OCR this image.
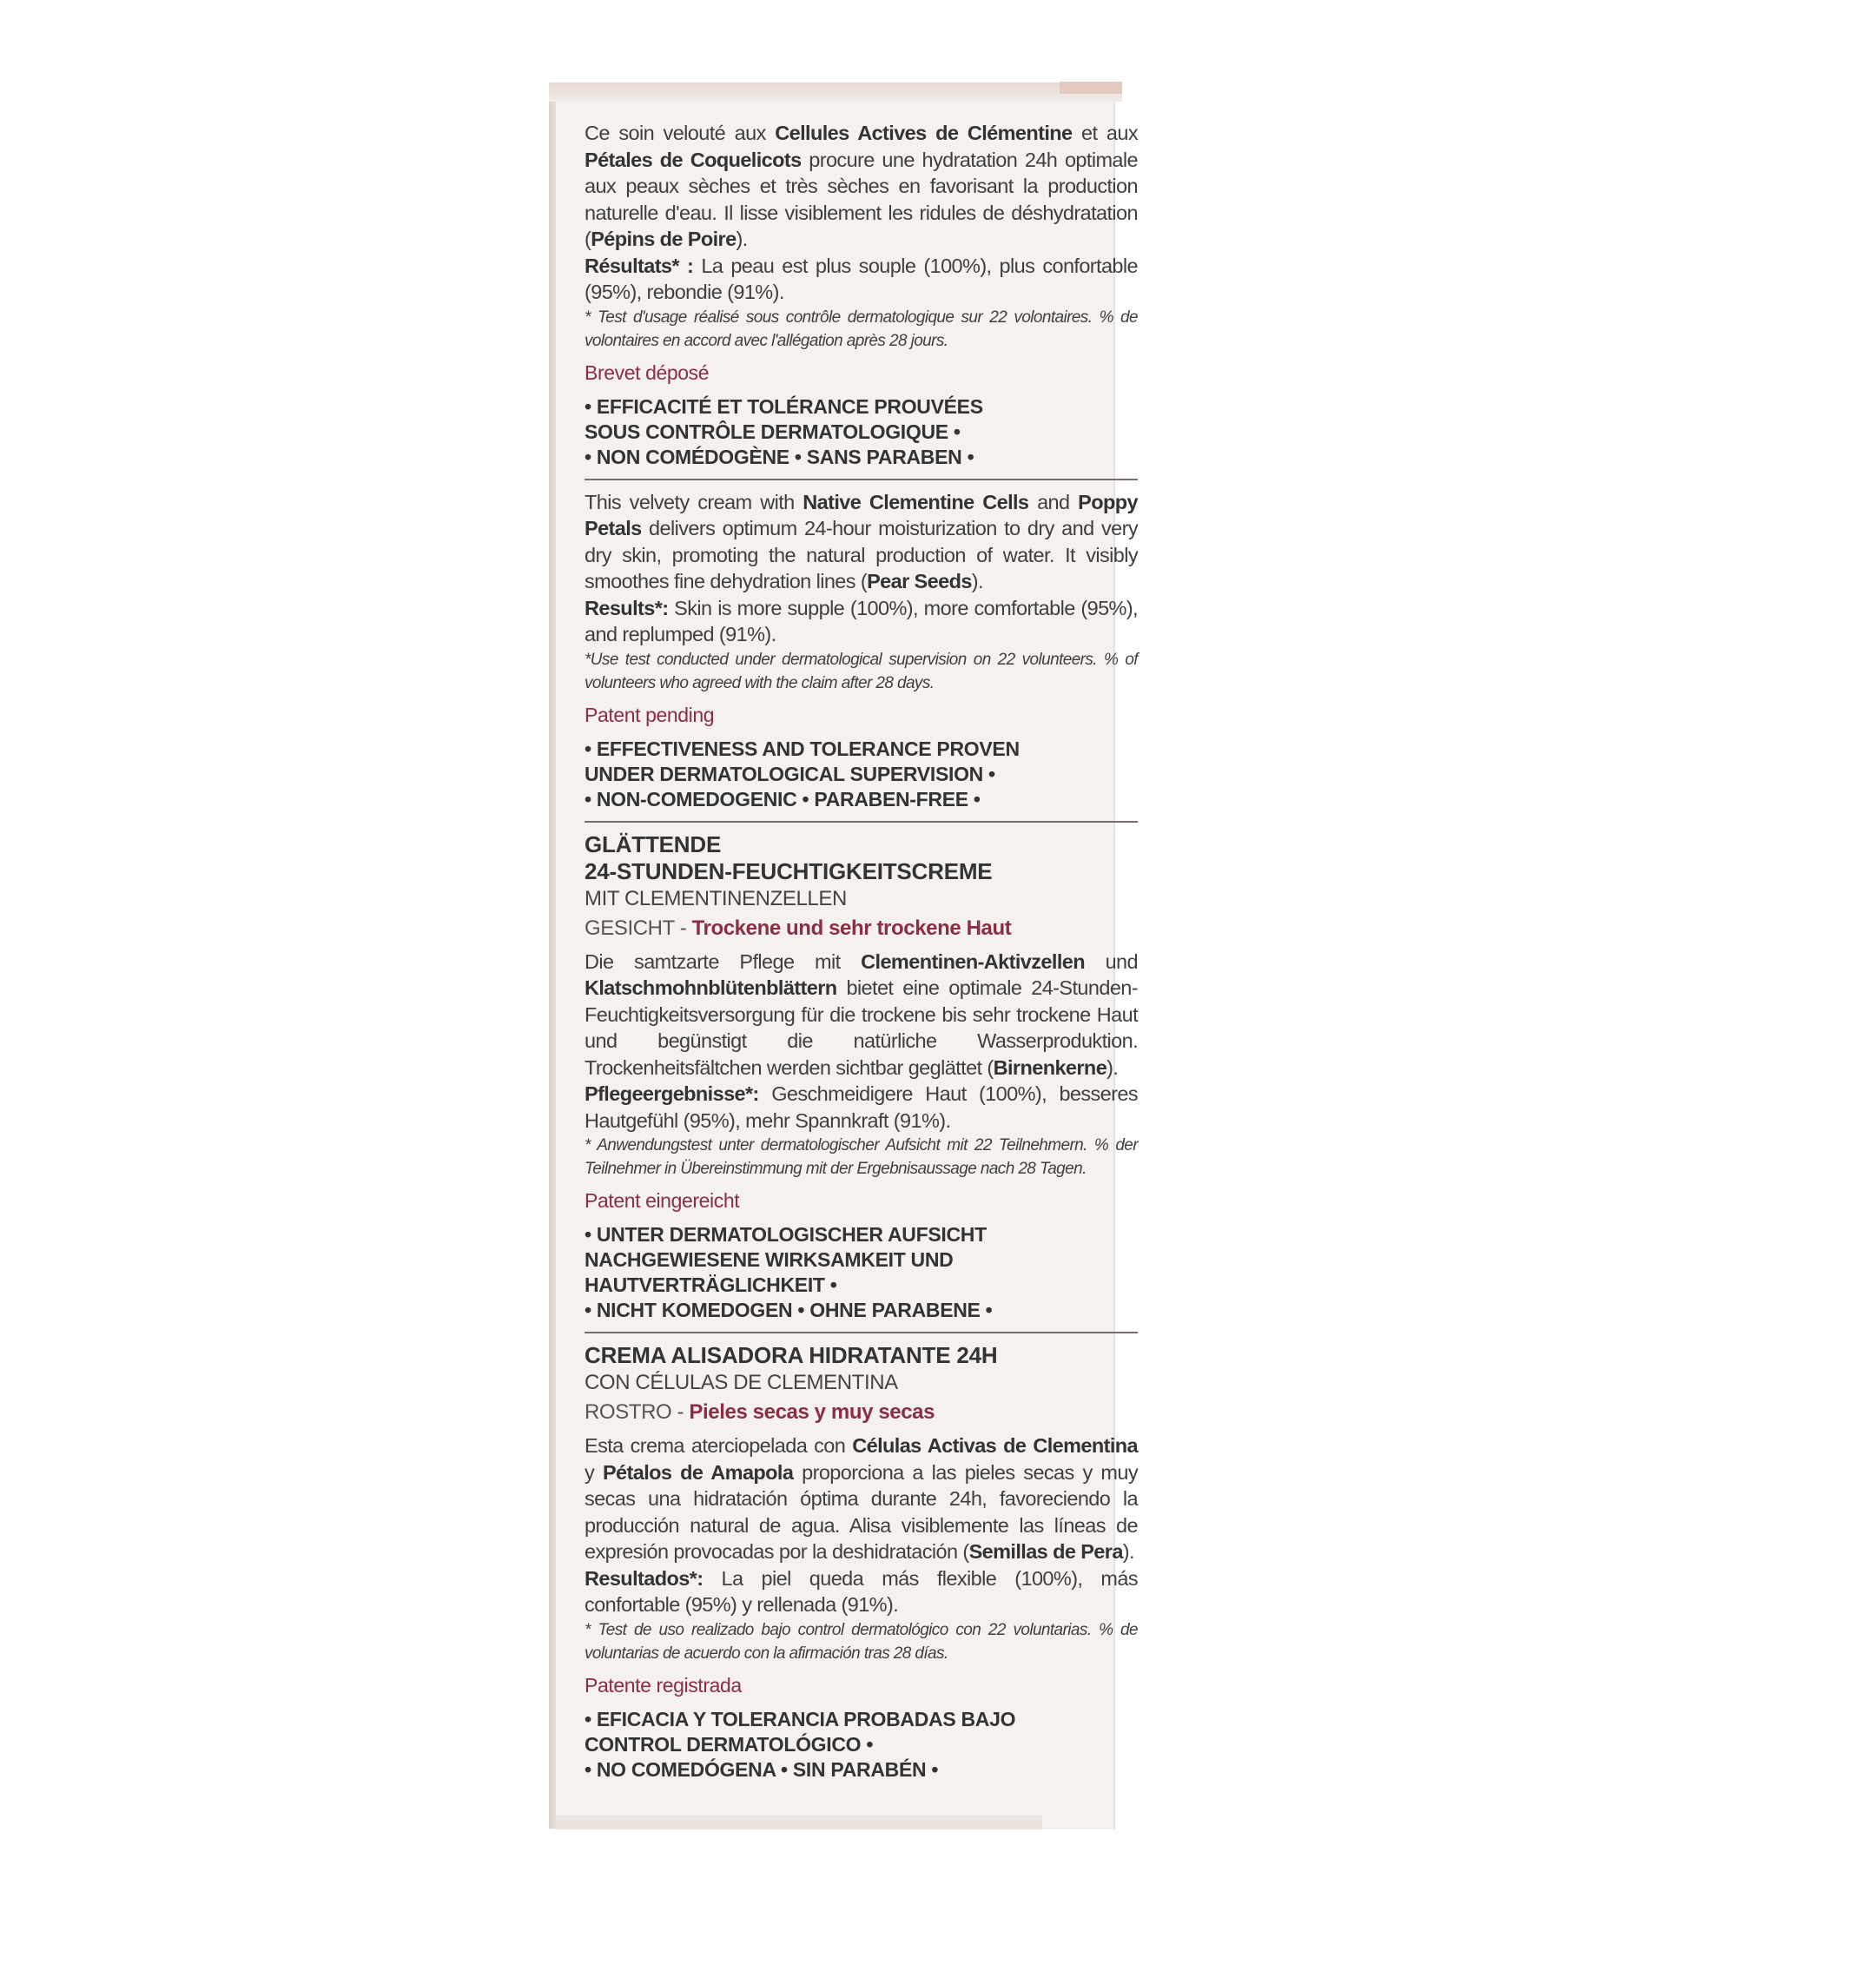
Ce soin velouté aux Cellules Actives de Clémentine et aux Pétales de Coquelicots procure une hydratation 24h optimale aux peaux sèches et très sèches en favorisant la production naturelle d'eau. Il lisse visiblement les ridules de déshydratation (Pépins de Poire).

Résultats* : La peau est plus souple (100%), plus confortable (95%), rebondie (91%).

* Test d'usage réalisé sous contrôle dermatologique sur 22 volontaires. % de volontaires en accord avec l'allégation après 28 jours.

Brevet déposé

• EFFICACITÉ ET TOLÉRANCE PROUVÉES
SOUS CONTRÔLE DERMATOLOGIQUE •
• NON COMÉDOGÈNE • SANS PARABEN •

This velvety cream with Native Clementine Cells and Poppy Petals delivers optimum 24-hour moisturization to dry and very dry skin, promoting the natural production of water. It visibly smoothes fine dehydration lines (Pear Seeds).

Results*: Skin is more supple (100%), more comfortable (95%), and replumped (91%).

*Use test conducted under dermatological supervision on 22 volunteers. % of volunteers who agreed with the claim after 28 days.

Patent pending

• EFFECTIVENESS AND TOLERANCE PROVEN
UNDER DERMATOLOGICAL SUPERVISION •
• NON-COMEDOGENIC • PARABEN-FREE •

GLÄTTENDE
24-STUNDEN-FEUCHTIGKEITSCREME

MIT CLEMENTINENZELLEN

GESICHT - Trockene und sehr trockene Haut

Die samtzarte Pflege mit Clementinen-Aktivzellen und Klatschmohnblütenblättern bietet eine optimale 24-Stunden-Feuchtigkeitsversorgung für die trockene bis sehr trockene Haut und begünstigt die natürliche Wasserproduktion. Trockenheitsfältchen werden sichtbar geglättet (Birnenkerne).

Pflegeergebnisse*: Geschmeidigere Haut (100%), besseres Hautgefühl (95%), mehr Spannkraft (91%).

* Anwendungstest unter dermatologischer Aufsicht mit 22 Teilnehmern. % der Teilnehmer in Übereinstimmung mit der Ergebnisaussage nach 28 Tagen.

Patent eingereicht

• UNTER DERMATOLOGISCHER AUFSICHT
NACHGEWIESENE WIRKSAMKEIT UND
HAUTVERTRÄGLICHKEIT •
• NICHT KOMEDOGEN • OHNE PARABENE •

CREMA ALISADORA HIDRATANTE 24H

CON CÉLULAS DE CLEMENTINA

ROSTRO - Pieles secas y muy secas

Esta crema aterciopelada con Células Activas de Clementina y Pétalos de Amapola proporciona a las pieles secas y muy secas una hidratación óptima durante 24h, favoreciendo la producción natural de agua. Alisa visiblemente las líneas de expresión provocadas por la deshidratación (Semillas de Pera).

Resultados*: La piel queda más flexible (100%), más confortable (95%) y rellenada (91%).

* Test de uso realizado bajo control dermatológico con 22 voluntarias. % de voluntarias de acuerdo con la afirmación tras 28 días.

Patente registrada

• EFICACIA Y TOLERANCIA PROBADAS BAJO
CONTROL DERMATOLÓGICO •
• NO COMEDÓGENA • SIN PARABÉN •
